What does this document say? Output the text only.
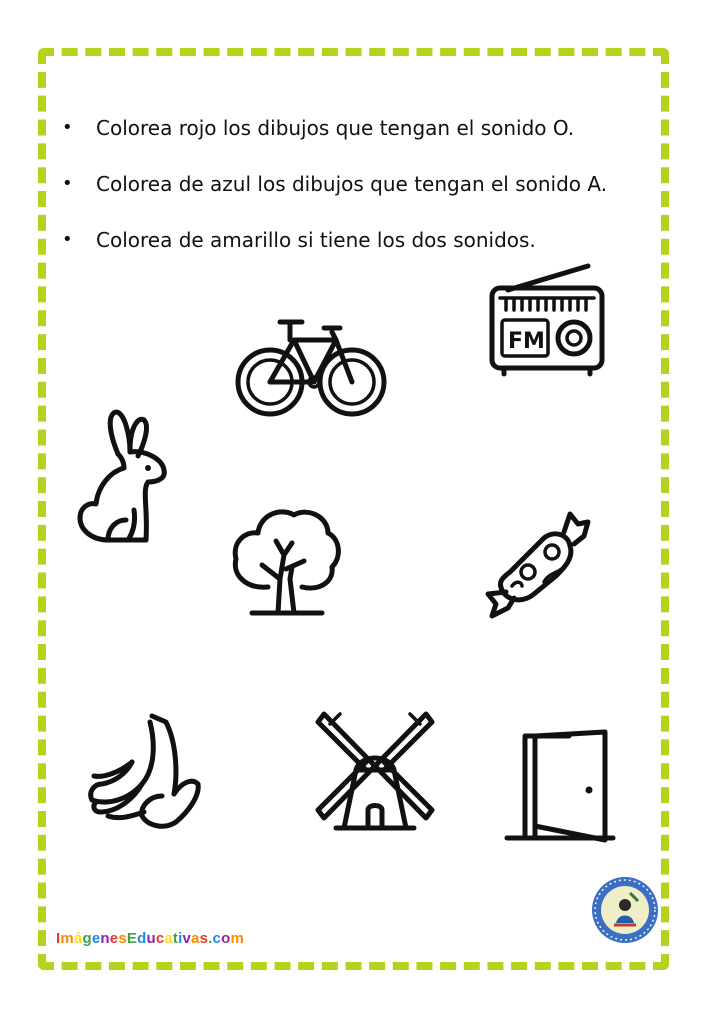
• Colorea rojo los dibujos que tengan el sonido O.
• Colorea de azul los dibujos que tengan el sonido A.
• Colorea de amarillo si tiene los dos sonidos.
FM
ImágenesEducativas.com
